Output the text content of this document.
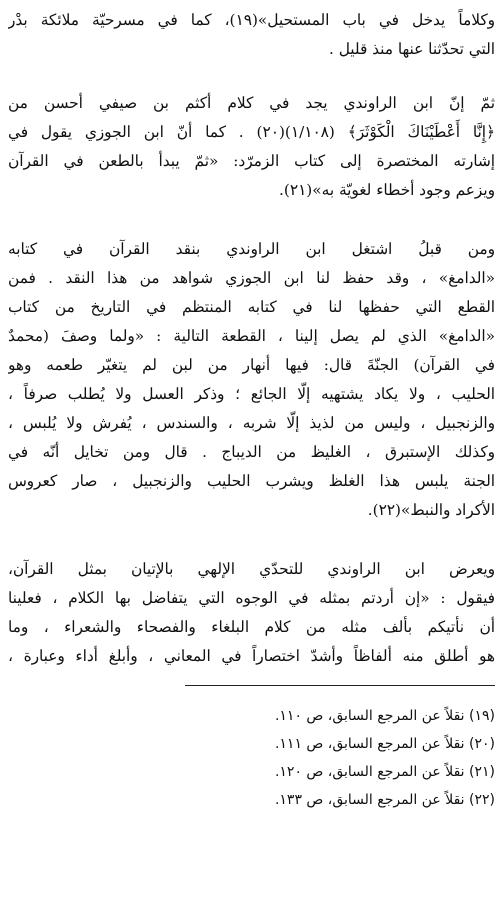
وكلاماً يدخل في باب المستحيل»(١٩)، كما في مسرحيّة ملائكة بدْر
التي تحدّثنا عنها منذ قليل .
ثمّ إنّ ابن الراوندي يجد في كلام أكثم بن صيفي أحسن من
﴿إِنَّا أَعْطَيْنَاكَ الْكَوْثَرَ﴾ (١/١٠٨)(٢٠) . كما أنّ ابن الجوزي يقول في
إشارته المختصرة إلى كتاب الزمرّد: «ثمّ يبدأ بالطعن في القرآن
ويزعم وجود أخطاء لغويّة به»(٢١).
ومن قبلُ اشتغل ابن الراوندي بنقد القرآن في كتابه
«الدامغ» ، وقد حفظ لنا ابن الجوزي شواهد من هذا النقد . فمن
القطع التي حفظها لنا في كتابه المنتظم في التاريخ من كتاب
«الدامغ» الذي لم يصل إلينا ، القطعة التالية : «ولما وصفَ (محمدٌ
في القرآن) الجنّةَ قال: فيها أنهار من لبن لم يتغيّر طعمه وهو
الحليب ، ولا يكاد يشتهيه إلّا الجائع ؛ وذكر العسل ولا يُطلب صرفاً ،
والزنجبيل ، وليس من لذيذ إلّا شربه ، والسندس ، يُفرش ولا يُلبس ،
وكذلك الإستبرق ، الغليظ من الديباج . قال ومن تخايل أنّه في
الجنة يلبس هذا الغلظ ويشرب الحليب والزنجبيل ، صار كعروس
الأكراد والنبط»(٢٢).
ويعرض ابن الراوندي للتحدّي الإلهي بالإتيان بمثل القرآن،
فيقول : «إن أردتم بمثله في الوجوه التي يتفاضل بها الكلام ، فعلينا
أن نأتيكم بألف مثله من كلام البلغاء والفصحاء والشعراء ، وما
هو أطلق منه ألفاظاً وأشدّ اختصاراً في المعاني ، وأبلغ أداء وعبارة ،
(١٩) نقلاً عن المرجع السابق، ص ١١٠.
(٢٠) نقلاً عن المرجع السابق، ص ١١١.
(٢١) نقلاً عن المرجع السابق، ص ١٢٠.
(٢٢) نقلاً عن المرجع السابق، ص ١٣٣.
